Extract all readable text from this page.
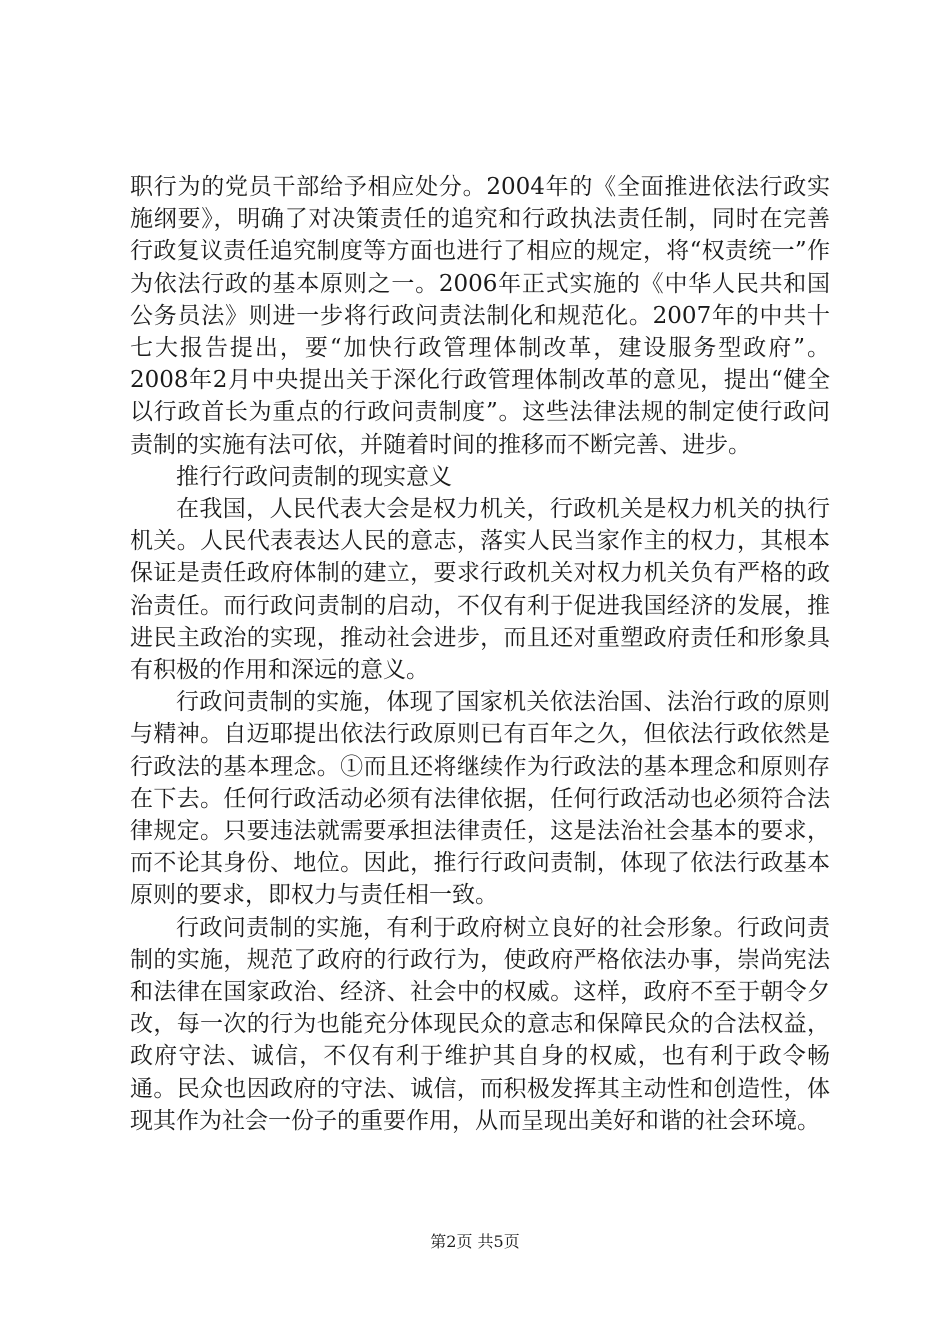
职行为的党员干部给予相应处分。2004年的《全面推进依法行政实施纲要》，明确了对决策责任的追究和行政执法责任制，同时在完善行政复议责任追究制度等方面也进行了相应的规定，将“权责统一”作为依法行政的基本原则之一。2006年正式实施的《中华人民共和国公务员法》则进一步将行政问责法制化和规范化。2007年的中共十七大报告提出，要“加快行政管理体制改革，建设服务型政府”。2008年2月中央提出关于深化行政管理体制改革的意见，提出“健全以行政首长为重点的行政问责制度”。这些法律法规的制定使行政问责制的实施有法可依，并随着时间的推移而不断完善、进步。

推行行政问责制的现实意义

在我国，人民代表大会是权力机关，行政机关是权力机关的执行机关。人民代表表达人民的意志，落实人民当家作主的权力，其根本保证是责任政府体制的建立，要求行政机关对权力机关负有严格的政治责任。而行政问责制的启动，不仅有利于促进我国经济的发展，推进民主政治的实现，推动社会进步，而且还对重塑政府责任和形象具有积极的作用和深远的意义。

行政问责制的实施，体现了国家机关依法治国、法治行政的原则与精神。自迈耶提出依法行政原则已有百年之久，但依法行政依然是行政法的基本理念。①而且还将继续作为行政法的基本理念和原则存在下去。任何行政活动必须有法律依据，任何行政活动也必须符合法律规定。只要违法就需要承担法律责任，这是法治社会基本的要求，而不论其身份、地位。因此，推行行政问责制，体现了依法行政基本原则的要求，即权力与责任相一致。

行政问责制的实施，有利于政府树立良好的社会形象。行政问责制的实施，规范了政府的行政行为，使政府严格依法办事，崇尚宪法和法律在国家政治、经济、社会中的权威。这样，政府不至于朝令夕改，每一次的行为也能充分体现民众的意志和保障民众的合法权益，政府守法、诚信，不仅有利于维护其自身的权威，也有利于政令畅通。民众也因政府的守法、诚信，而积极发挥其主动性和创造性，体现其作为社会一份子的重要作用，从而呈现出美好和谐的社会环境。

第2页 共5页
